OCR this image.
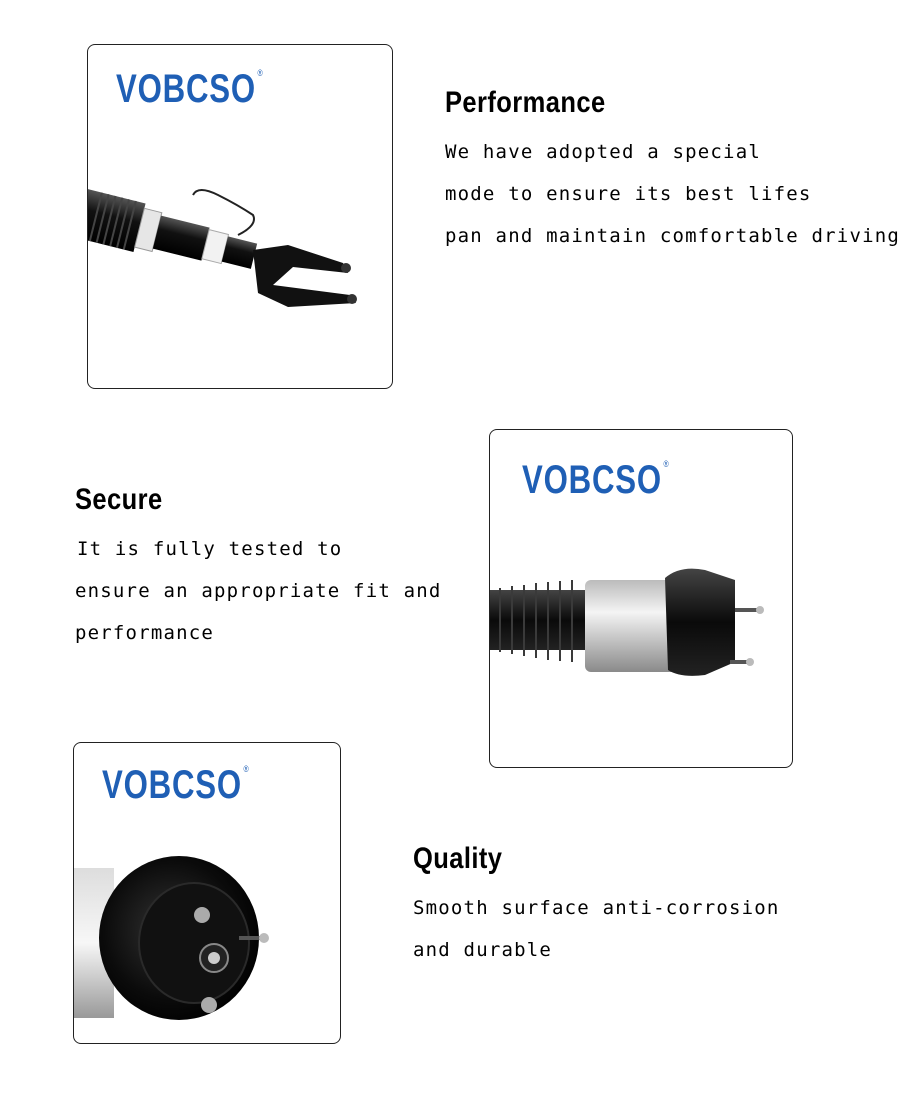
VOBCSO ®
Performance
We have adopted a special
mode to ensure its best lifes
pan and maintain comfortable driving
Secure
It is fully tested to
ensure an appropriate fit and
performance
VOBCSO ®
VOBCSO ®
Quality
Smooth surface anti-corrosion
and durable
